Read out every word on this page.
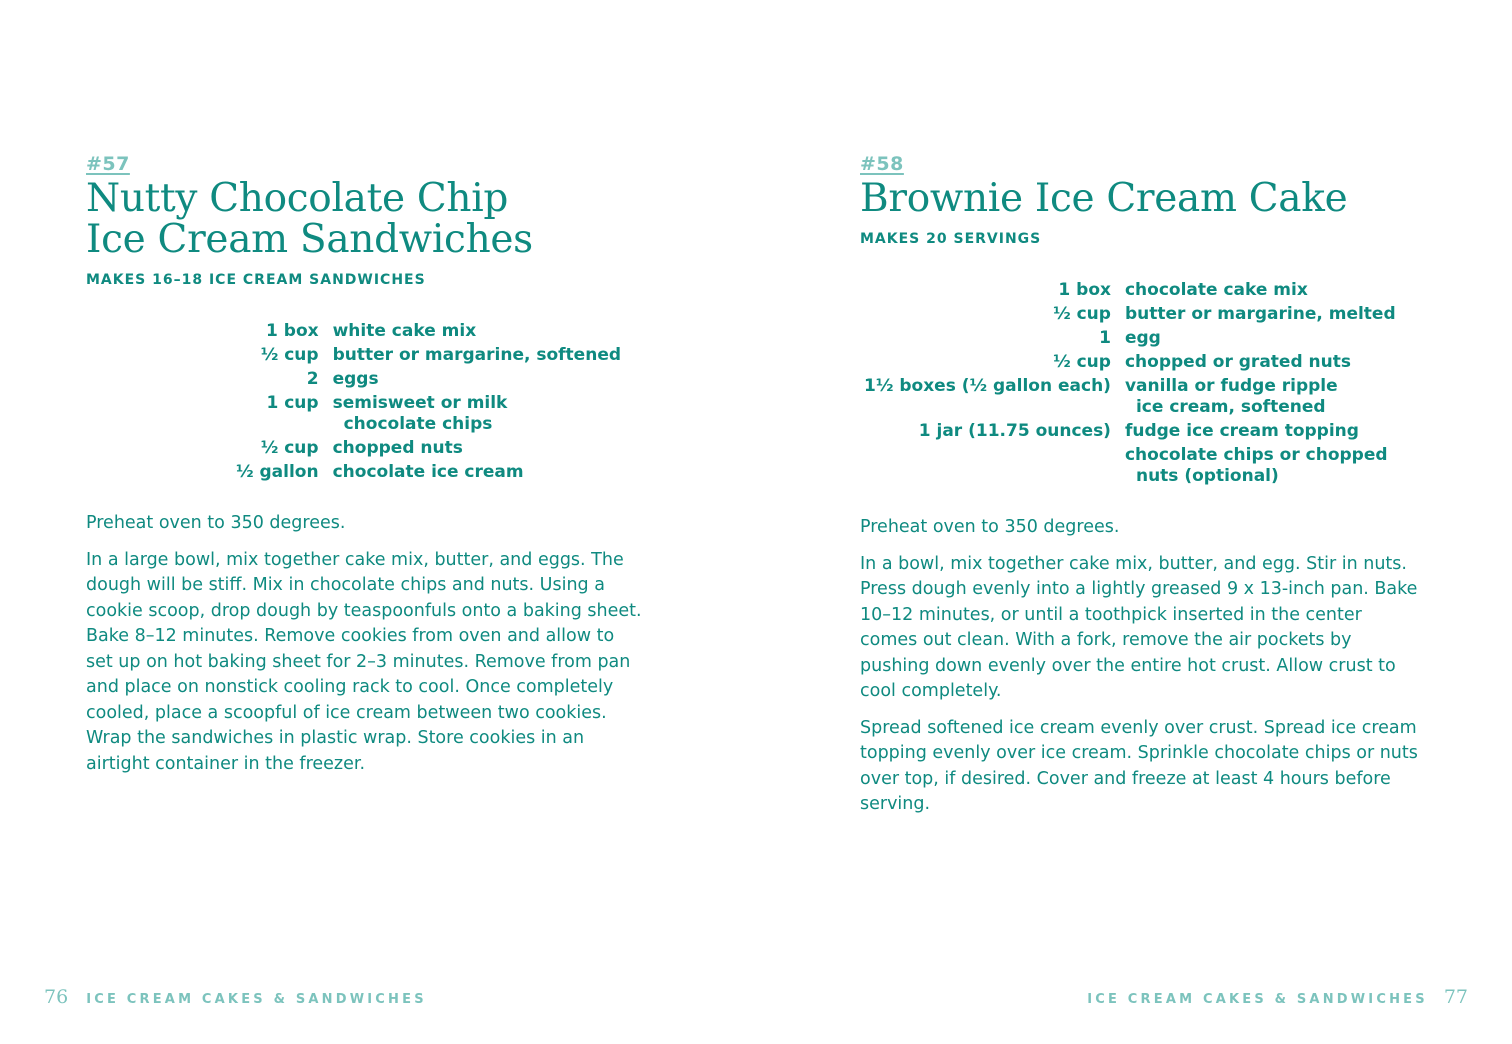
#57
Nutty Chocolate Chip
Ice Cream Sandwiches
MAKES 16–18 ICE CREAM SANDWICHES
1 box	white cake mix
½ cup	butter or margarine, softened
2	eggs
1 cup	semisweet or milk
chocolate chips

½ cup	chopped nuts
½ gallon	chocolate ice cream

Preheat oven to 350 degrees.

In a large bowl, mix together cake mix, butter, and eggs. The dough will be stiff. Mix in chocolate chips and nuts. Using a cookie scoop, drop dough by teaspoonfuls onto a baking sheet. Bake 8–12 minutes. Remove cookies from oven and allow to set up on hot baking sheet for 2–3 minutes. Remove from pan and place on nonstick cooling rack to cool. Once completely cooled, place a scoopful of ice cream between two cookies. Wrap the sandwiches in plastic wrap. Store cookies in an airtight container in the freezer.

76 ICE CREAM CAKES & SANDWICHES
#58
Brownie Ice Cream Cake
MAKES 20 SERVINGS
1 box	chocolate cake mix
½ cup	butter or margarine, melted
1	egg
½ cup	chopped or grated nuts
1½ boxes (½ gallon each)	vanilla or fudge ripple
ice cream, softened

1 jar (11.75 ounces)	fudge ice cream topping
	chocolate chips or chopped
nuts (optional)

Preheat oven to 350 degrees.

In a bowl, mix together cake mix, butter, and egg. Stir in nuts. Press dough evenly into a lightly greased 9 x 13-inch pan. Bake 10–12 minutes, or until a toothpick inserted in the center comes out clean. With a fork, remove the air pockets by pushing down evenly over the entire hot crust. Allow crust to cool completely.

Spread softened ice cream evenly over crust. Spread ice cream topping evenly over ice cream. Sprinkle chocolate chips or nuts over top, if desired. Cover and freeze at least 4 hours before serving.

ICE CREAM CAKES & SANDWICHES 77
